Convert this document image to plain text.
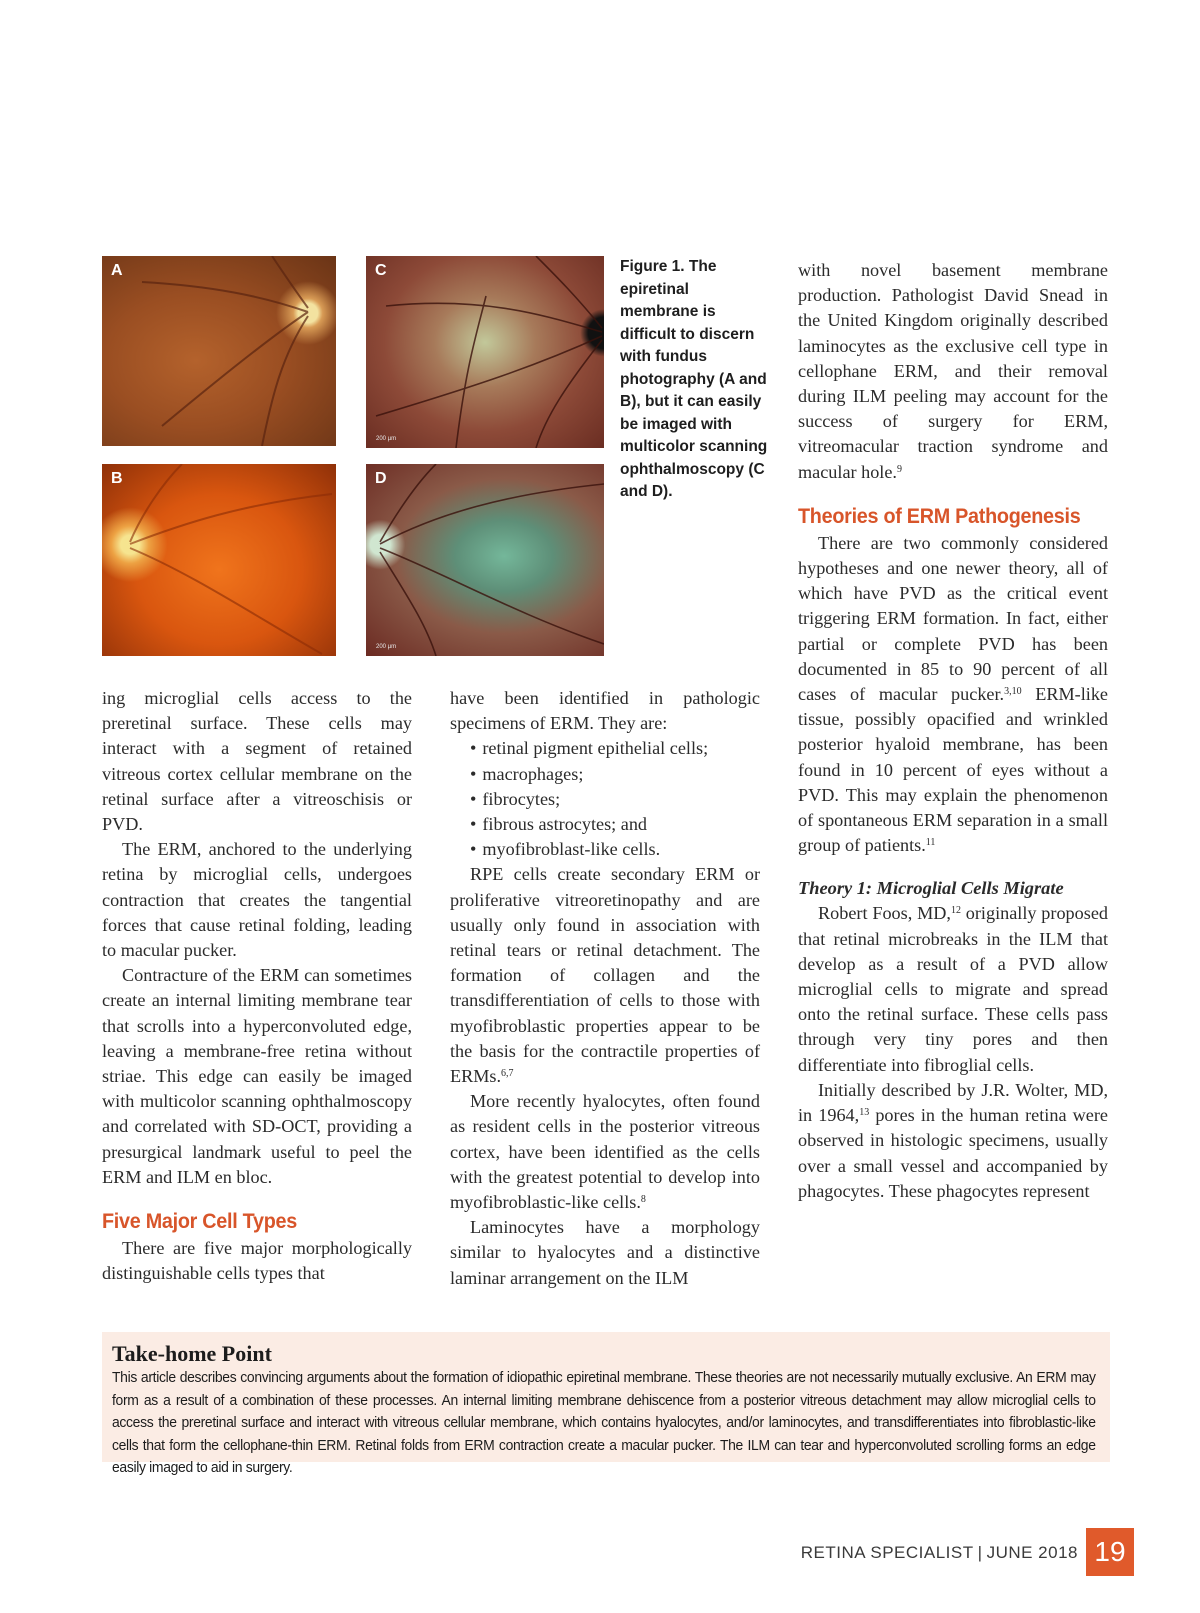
A
B
C
200 µm
D
200 µm
Figure 1. The epiretinal membrane is difficult to discern with fundus photography (A and B), but it can easily be imaged with multicolor scanning ophthalmoscopy (C and D).

ing microglial cells access to the preretinal surface. These cells may interact with a segment of retained vitreous cortex cellular membrane on the retinal surface after a vitreoschisis or PVD.

The ERM, anchored to the underlying retina by microglial cells, undergoes contraction that creates the tangential forces that cause retinal folding, leading to macular pucker.

Contracture of the ERM can sometimes create an internal limiting membrane tear that scrolls into a hyperconvoluted edge, leaving a membrane-free retina without striae. This edge can easily be imaged with multicolor scanning ophthalmoscopy and correlated with SD-OCT, providing a presurgical landmark useful to peel the ERM and ILM en bloc.

Five Major Cell Types

There are five major morphologically distinguishable cells types that

have been identified in pathologic specimens of ERM. They are:

• retinal pigment epithelial cells;
• macrophages;
• fibrocytes;
• fibrous astrocytes; and
• myofibroblast-like cells.

RPE cells create secondary ERM or proliferative vitreoretinopathy and are usually only found in association with retinal tears or retinal detachment. The formation of collagen and the transdifferentiation of cells to those with myofibroblastic properties appear to be the basis for the contractile properties of ERMs.$^{6,7}$

More recently hyalocytes, often found as resident cells in the posterior vitreous cortex, have been identified as the cells with the greatest potential to develop into myofibroblastic-like cells.$^8$

Laminocytes have a morphology similar to hyalocytes and a distinctive laminar arrangement on the ILM

with novel basement membrane production. Pathologist David Snead in the United Kingdom originally described laminocytes as the exclusive cell type in cellophane ERM, and their removal during ILM peeling may account for the success of surgery for ERM, vitreomacular traction syndrome and macular hole.$^9$

Theories of ERM Pathogenesis

There are two commonly considered hypotheses and one newer theory, all of which have PVD as the critical event triggering ERM formation. In fact, either partial or complete PVD has been documented in 85 to 90 percent of all cases of macular pucker.$^{3,10}$ ERM-like tissue, possibly opacified and wrinkled posterior hyaloid membrane, has been found in 10 percent of eyes without a PVD. This may explain the phenomenon of spontaneous ERM separation in a small group of patients.$^{11}$

Theory 1: Microglial Cells Migrate

Robert Foos, MD,$^{12}$ originally proposed that retinal microbreaks in the ILM that develop as a result of a PVD allow microglial cells to migrate and spread onto the retinal surface. These cells pass through very tiny pores and then differentiate into fibroglial cells.

Initially described by J.R. Wolter, MD, in 1964,13 pores in the human retina were observed in histologic specimens, usually over a small vessel and accompanied by phagocytes. These phagocytes represent

Take-home Point
This article describes convincing arguments about the formation of idiopathic epiretinal membrane. These theories are not necessarily mutually exclusive. An ERM may form as a result of a combination of these processes. An internal limiting membrane dehiscence from a posterior vitreous detachment may allow microglial cells to access the preretinal surface and interact with vitreous cellular membrane, which contains hyalocytes, and/or laminocytes, and transdifferentiates into fibroblastic-like cells that form the cellophane-thin ERM. Retinal folds from ERM contraction create a macular pucker. The ILM can tear and hyperconvoluted scrolling forms an edge easily imaged to aid in surgery.
RETINA SPECIALIST | JUNE 2018 19
